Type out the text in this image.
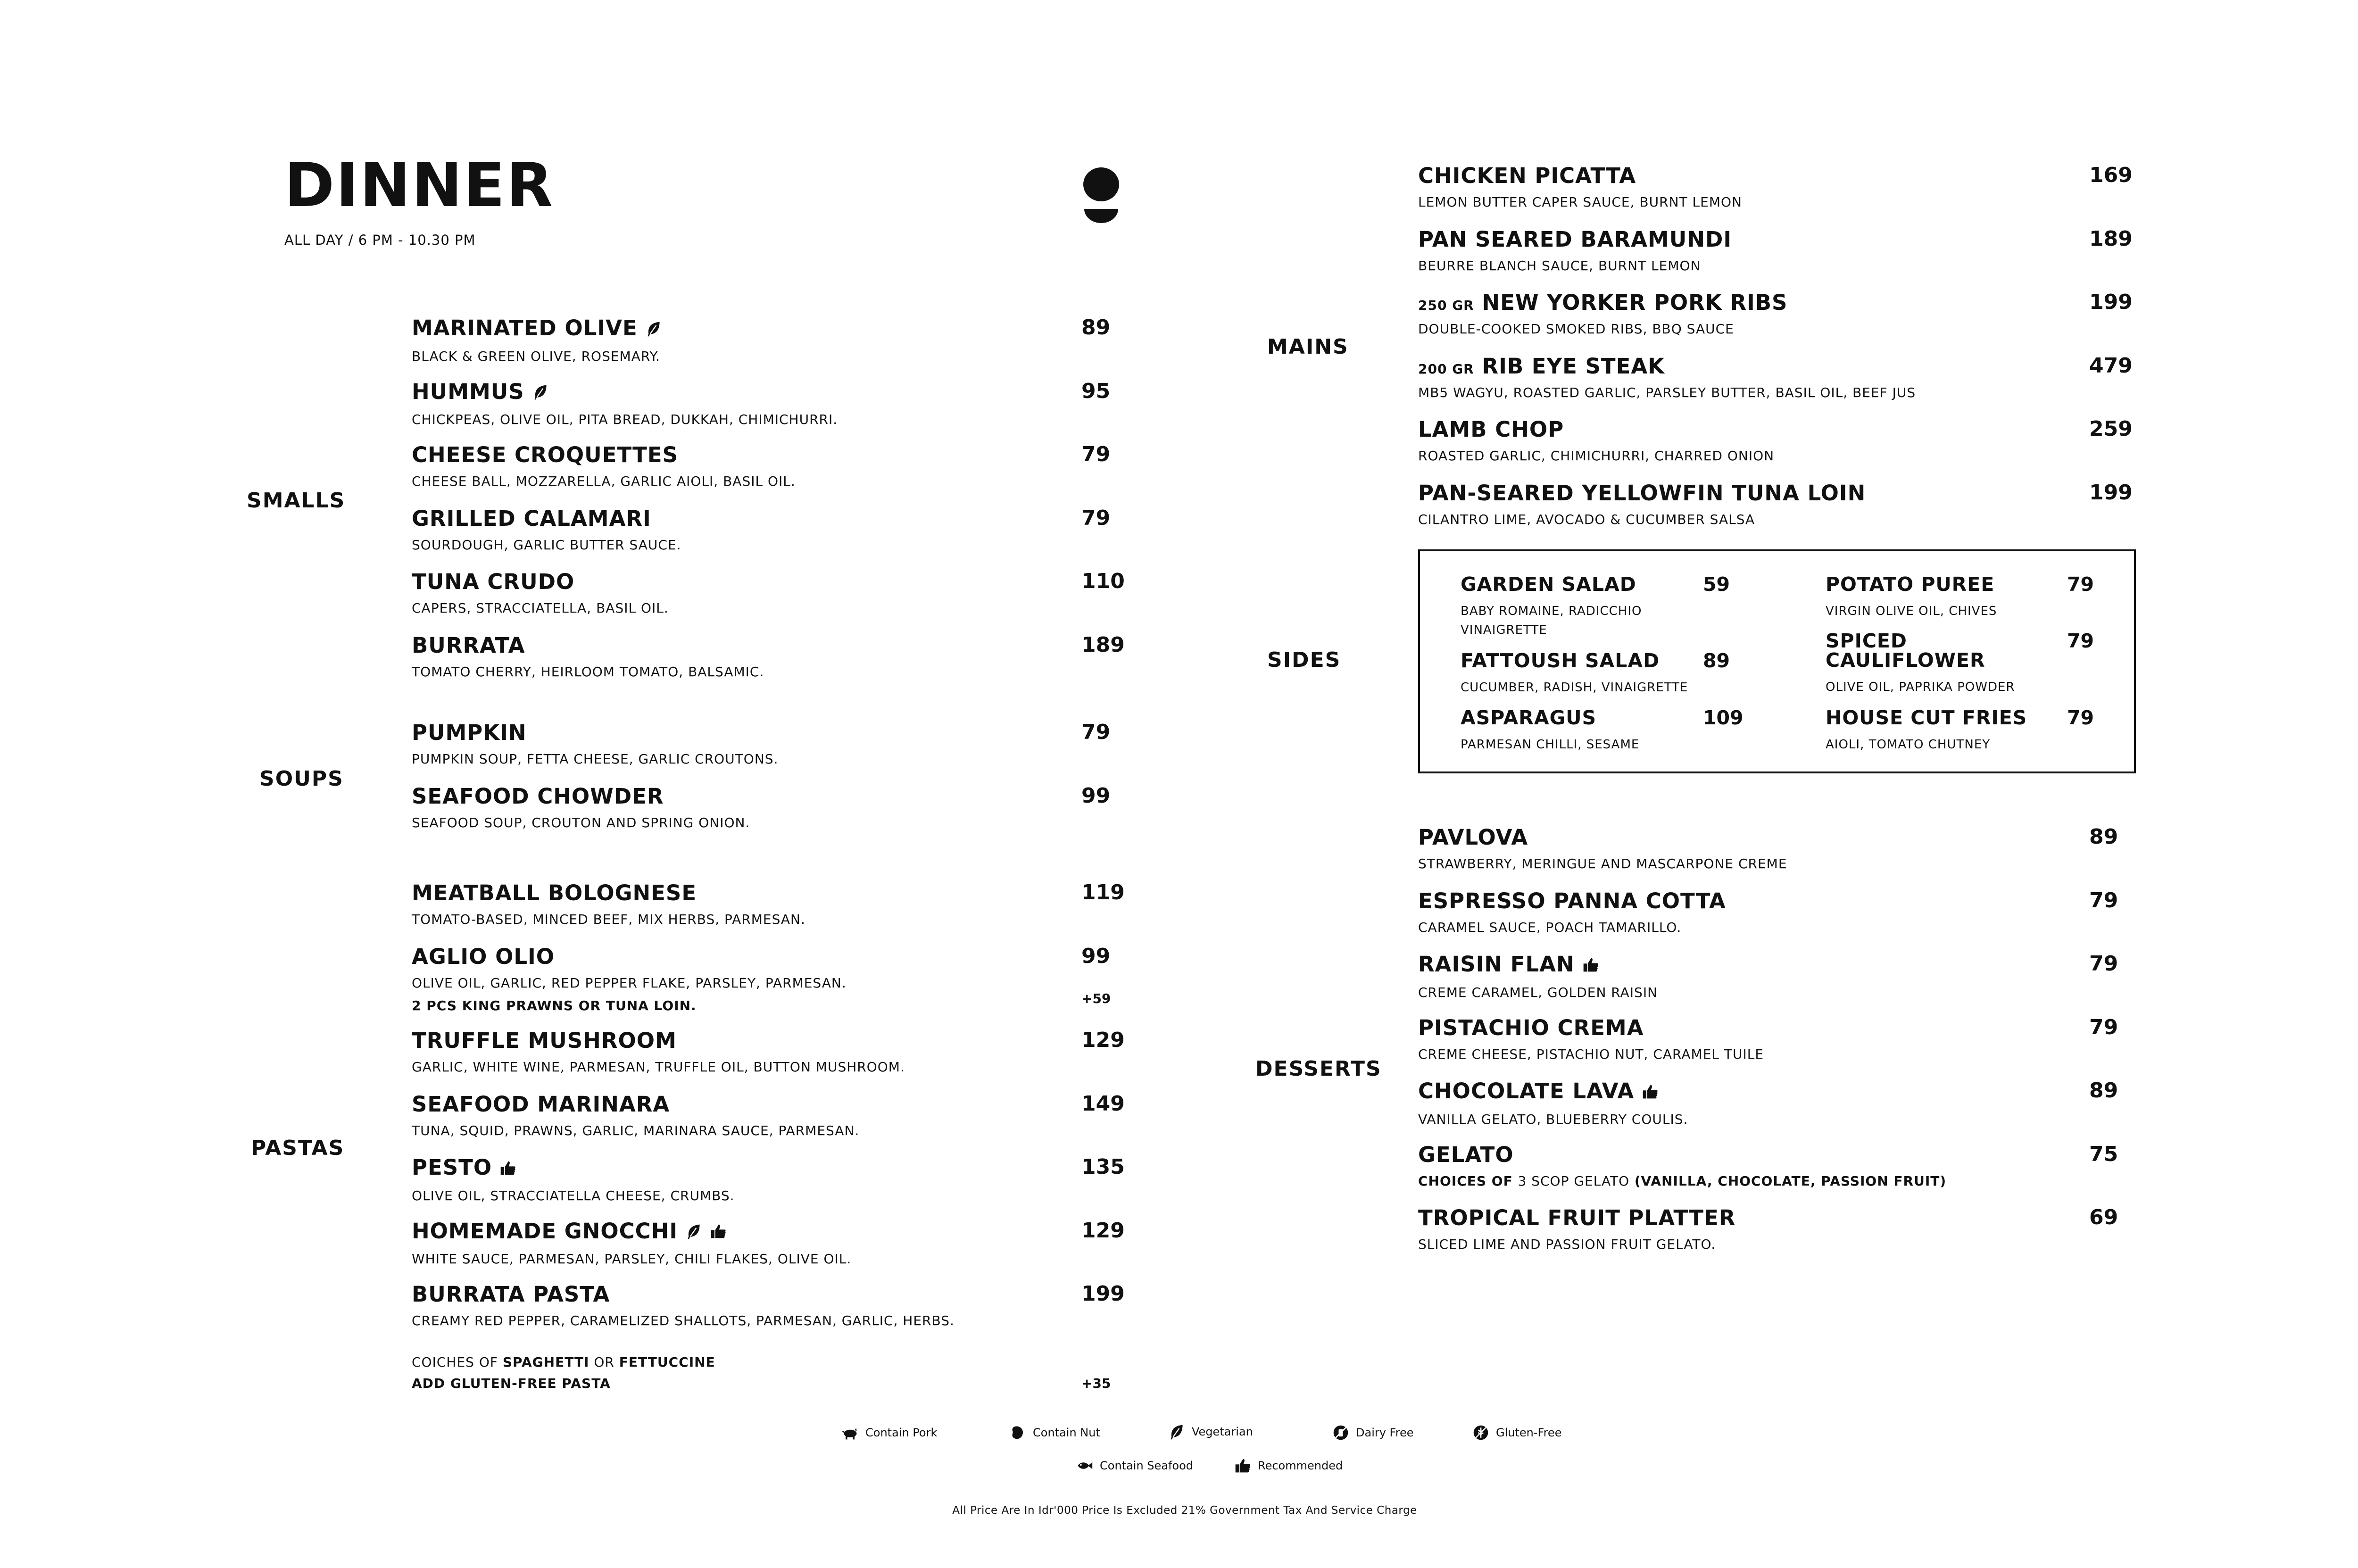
DINNER
ALL DAY / 6 PM - 10.30 PM
SMALLS
SOUPS
PASTAS
MAINS
SIDES
DESSERTS
MARINATED OLIVE
BLACK & GREEN OLIVE, ROSEMARY.
89
HUMMUS
CHICKPEAS, OLIVE OIL, PITA BREAD, DUKKAH, CHIMICHURRI.
95
CHEESE CROQUETTES
CHEESE BALL, MOZZARELLA, GARLIC AIOLI, BASIL OIL.
79
GRILLED CALAMARI
SOURDOUGH, GARLIC BUTTER SAUCE.
79
TUNA CRUDO
CAPERS, STRACCIATELLA, BASIL OIL.
110
BURRATA
TOMATO CHERRY, HEIRLOOM TOMATO, BALSAMIC.
189
PUMPKIN
PUMPKIN SOUP, FETTA CHEESE, GARLIC CROUTONS.
79
SEAFOOD CHOWDER
SEAFOOD SOUP, CROUTON AND SPRING ONION.
99
MEATBALL BOLOGNESE
TOMATO-BASED, MINCED BEEF, MIX HERBS, PARMESAN.
119
AGLIO OLIO
OLIVE OIL, GARLIC, RED PEPPER FLAKE, PARSLEY, PARMESAN.
2 PCS KING PRAWNS OR TUNA LOIN.
99
+59
TRUFFLE MUSHROOM
GARLIC, WHITE WINE, PARMESAN, TRUFFLE OIL, BUTTON MUSHROOM.
129
SEAFOOD MARINARA
TUNA, SQUID, PRAWNS, GARLIC, MARINARA SAUCE, PARMESAN.
149
PESTO
OLIVE OIL, STRACCIATELLA CHEESE, CRUMBS.
135
HOMEMADE GNOCCHI
WHITE SAUCE, PARMESAN, PARSLEY, CHILI FLAKES, OLIVE OIL.
129
BURRATA PASTA
CREAMY RED PEPPER, CARAMELIZED SHALLOTS, PARMESAN, GARLIC, HERBS.
199
COICHES OF SPAGHETTI OR FETTUCCINE
ADD GLUTEN-FREE PASTA	+35
CHICKEN PICATTA
LEMON BUTTER CAPER SAUCE, BURNT LEMON
169
PAN SEARED BARAMUNDI
BEURRE BLANCH SAUCE, BURNT LEMON
189
250 GR NEW YORKER PORK RIBS
DOUBLE-COOKED SMOKED RIBS, BBQ SAUCE
199
200 GR RIB EYE STEAK
MB5 WAGYU, ROASTED GARLIC, PARSLEY BUTTER, BASIL OIL, BEEF JUS
479
LAMB CHOP
ROASTED GARLIC, CHIMICHURRI, CHARRED ONION
259
PAN-SEARED YELLOWFIN TUNA LOIN
CILANTRO LIME, AVOCADO & CUCUMBER SALSA
199
GARDEN SALAD
BABY ROMAINE, RADICCHIO VINAIGRETTE
59
FATTOUSH SALAD
CUCUMBER, RADISH, VINAIGRETTE
89
ASPARAGUS
PARMESAN CHILLI, SESAME
109
POTATO PUREE
VIRGIN OLIVE OIL, CHIVES
79
SPICED CAULIFLOWER
OLIVE OIL, PAPRIKA POWDER
79
HOUSE CUT FRIES
AIOLI, TOMATO CHUTNEY
79
PAVLOVA
STRAWBERRY, MERINGUE AND MASCARPONE CREME
89
ESPRESSO PANNA COTTA
CARAMEL SAUCE, POACH TAMARILLO.
79
RAISIN FLAN
CREME CARAMEL, GOLDEN RAISIN
79
PISTACHIO CREMA
CREME CHEESE, PISTACHIO NUT, CARAMEL TUILE
79
CHOCOLATE LAVA
VANILLA GELATO, BLUEBERRY COULIS.
89
GELATO
CHOICES OF 3 SCOP GELATO (VANILLA, CHOCOLATE, PASSION FRUIT)
75
TROPICAL FRUIT PLATTER
SLICED LIME AND PASSION FRUIT GELATO.
69
Contain Pork	Contain Nut	Vegetarian	Dairy Free	Gluten-Free
Contain Seafood	Recommended
All Price Are In Idr'000 Price Is Excluded 21% Government Tax And Service Charge
